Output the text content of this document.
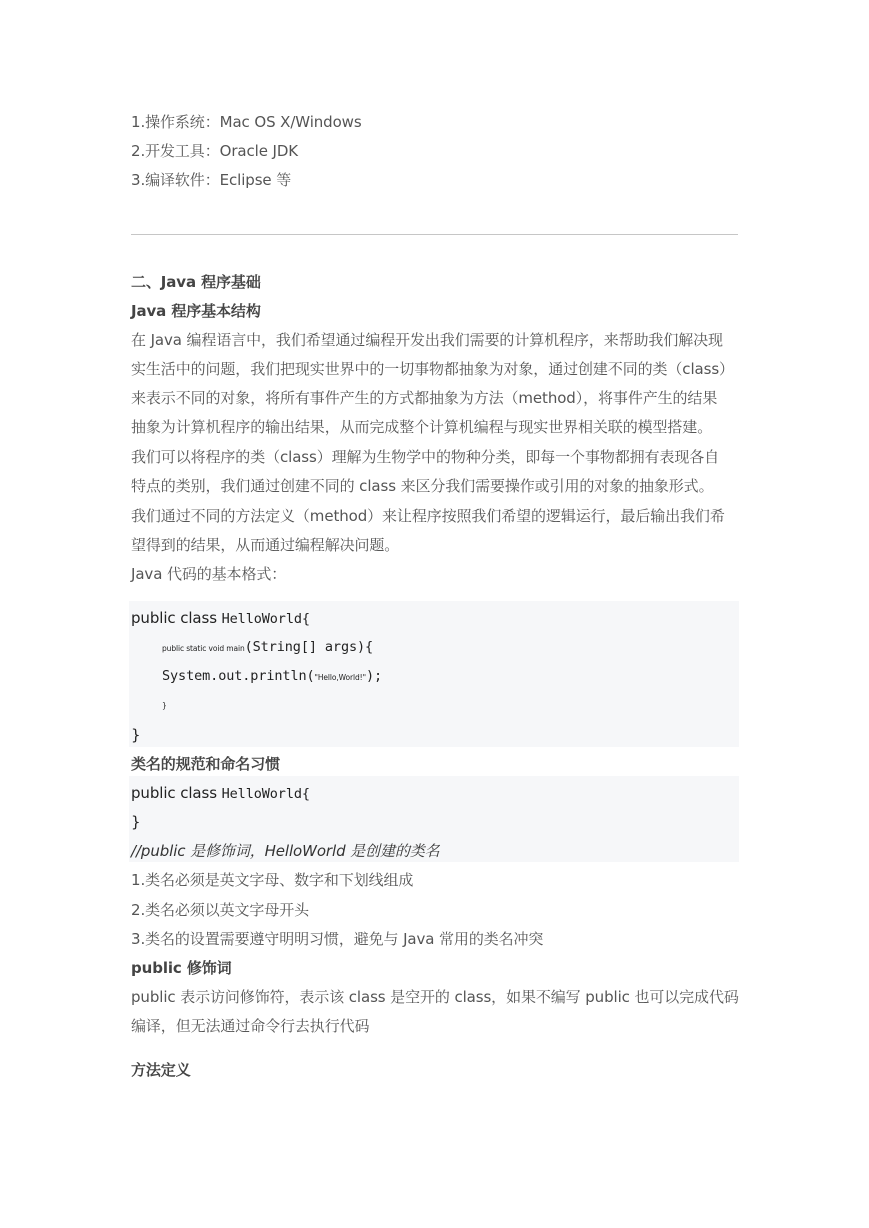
1.操作系统：Mac OS X/Windows
2.开发工具：Oracle JDK
3.编译软件：Eclipse 等
二、Java 程序基础
Java 程序基本结构
在 Java 编程语言中，我们希望通过编程开发出我们需要的计算机程序，来帮助我们解决现
实生活中的问题，我们把现实世界中的一切事物都抽象为对象，通过创建不同的类（class）
来表示不同的对象，将所有事件产生的方式都抽象为方法（method），将事件产生的结果
抽象为计算机程序的输出结果，从而完成整个计算机编程与现实世界相关联的模型搭建。
我们可以将程序的类（class）理解为生物学中的物种分类，即每一个事物都拥有表现各自
特点的类别，我们通过创建不同的 class 来区分我们需要操作或引用的对象的抽象形式。
我们通过不同的方法定义（method）来让程序按照我们希望的逻辑运行，最后输出我们希
望得到的结果，从而通过编程解决问题。
Java 代码的基本格式：
public class HelloWorld{
public static void main(String[] args){
System.out.println("Hello,World!");
}
}
类名的规范和命名习惯
public class HelloWorld{
}
//public 是修饰词，HelloWorld 是创建的类名
1.类名必须是英文字母、数字和下划线组成
2.类名必须以英文字母开头
3.类名的设置需要遵守明明习惯，避免与 Java 常用的类名冲突
public 修饰词
public 表示访问修饰符，表示该 class 是空开的 class，如果不编写 public 也可以完成代码
编译，但无法通过命令行去执行代码
方法定义
